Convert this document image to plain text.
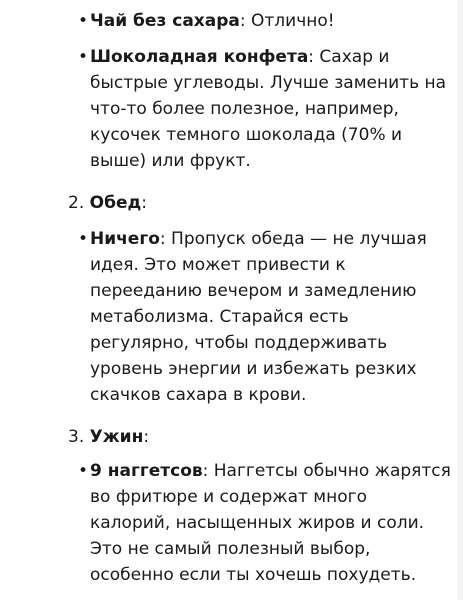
• Чай без сахара: Отлично!
• Шоколадная конфета: Сахар и
быстрые углеводы. Лучше заменить на
что-то более полезное, например,
кусочек темного шоколада (70% и
выше) или фрукт.
2. Обед:
• Ничего: Пропуск обеда — не лучшая
идея. Это может привести к
перееданию вечером и замедлению
метаболизма. Старайся есть
регулярно, чтобы поддерживать
уровень энергии и избежать резких
скачков сахара в крови.
3. Ужин:
• 9 наггетсов: Наггетсы обычно жарятся
во фритюре и содержат много
калорий, насыщенных жиров и соли.
Это не самый полезный выбор,
особенно если ты хочешь похудеть.
